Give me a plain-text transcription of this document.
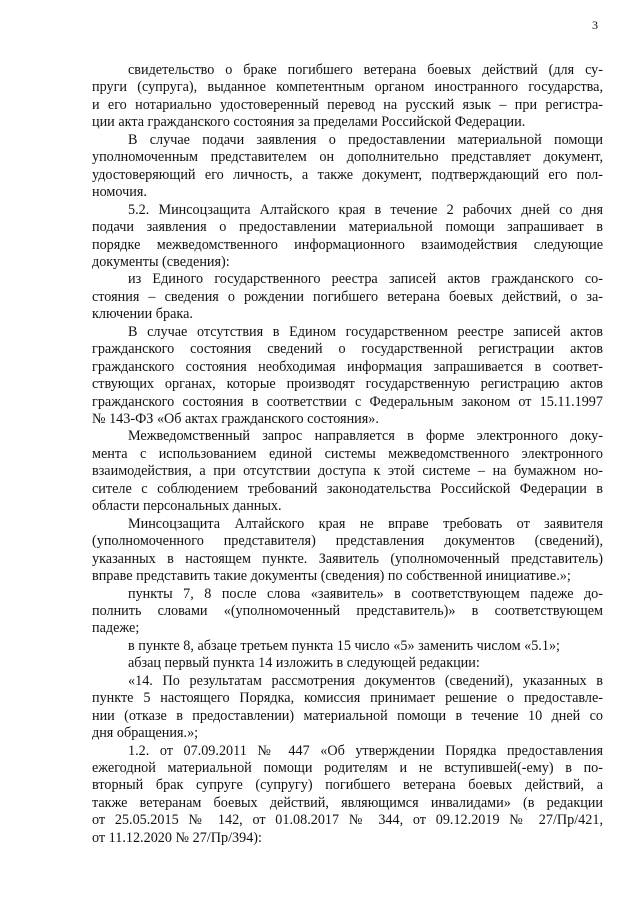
3
свидетельство о браке погибшего ветерана боевых действий (для су-
пруги (супруга), выданное компетентным органом иностранного государства,
и его нотариально удостоверенный перевод на русский язык – при регистра-
ции акта гражданского состояния за пределами Российской Федерации.
В случае подачи заявления о предоставлении материальной помощи
уполномоченным представителем он дополнительно представляет документ,
удостоверяющий его личность, а также документ, подтверждающий его пол-
номочия.
5.2. Минсоцзащита Алтайского края в течение 2 рабочих дней со дня
подачи заявления о предоставлении материальной помощи запрашивает в
порядке межведомственного информационного взаимодействия следующие
документы (сведения):
из Единого государственного реестра записей актов гражданского со-
стояния – сведения о рождении погибшего ветерана боевых действий, о за-
ключении брака.
В случае отсутствия в Едином государственном реестре записей актов
гражданского состояния сведений о государственной регистрации актов
гражданского состояния необходимая информация запрашивается в соответ-
ствующих органах, которые производят государственную регистрацию актов
гражданского состояния в соответствии с Федеральным законом от 15.11.1997
№ 143-ФЗ «Об актах гражданского состояния».
Межведомственный запрос направляется в форме электронного доку-
мента с использованием единой системы межведомственного электронного
взаимодействия, а при отсутствии доступа к этой системе – на бумажном но-
сителе с соблюдением требований законодательства Российской Федерации в
области персональных данных.
Минсоцзащита Алтайского края не вправе требовать от заявителя
(уполномоченного представителя) представления документов (сведений),
указанных в настоящем пункте. Заявитель (уполномоченный представитель)
вправе представить такие документы (сведения) по собственной инициативе.»;
пункты 7, 8 после слова «заявитель» в соответствующем падеже до-
полнить словами «(уполномоченный представитель)» в соответствующем
падеже;
в пункте 8, абзаце третьем пункта 15 число «5» заменить числом «5.1»;
абзац первый пункта 14 изложить в следующей редакции:
«14. По результатам рассмотрения документов (сведений), указанных в
пункте 5 настоящего Порядка, комиссия принимает решение о предоставле-
нии (отказе в предоставлении) материальной помощи в течение 10 дней со
дня обращения.»;
1.2. от 07.09.2011 № 447 «Об утверждении Порядка предоставления
ежегодной материальной помощи родителям и не вступившей(-ему) в по-
вторный брак супруге (супругу) погибшего ветерана боевых действий, а
также ветеранам боевых действий, являющимся инвалидами» (в редакции
от 25.05.2015 № 142, от 01.08.2017 № 344, от 09.12.2019 № 27/Пр/421,
от 11.12.2020 № 27/Пр/394):
